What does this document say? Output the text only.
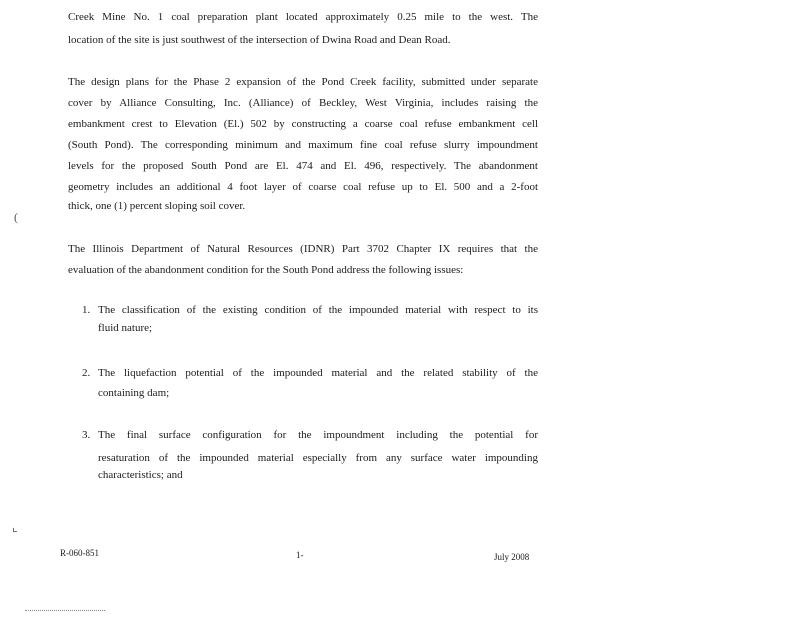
Creek Mine No. 1 coal preparation plant located approximately 0.25 mile to the west. The
location of the site is just southwest of the intersection of Dwina Road and Dean Road.
The design plans for the Phase 2 expansion of the Pond Creek facility, submitted under separate
cover by Alliance Consulting, Inc. (Alliance) of Beckley, West Virginia, includes raising the
embankment crest to Elevation (El.) 502 by constructing a coarse coal refuse embankment cell
(South Pond). The corresponding minimum and maximum fine coal refuse slurry impoundment
levels for the proposed South Pond are El. 474 and El. 496, respectively. The abandonment
geometry includes an additional 4 foot layer of coarse coal refuse up to El. 500 and a 2-foot
thick, one (1) percent sloping soil cover.
(
The Illinois Department of Natural Resources (IDNR) Part 3702 Chapter IX requires that the
evaluation of the abandonment condition for the South Pond address the following issues:
1. The classification of the existing condition of the impounded material with respect to its
fluid nature;
2. The liquefaction potential of the impounded material and the related stability of the
containing dam;
3. The final surface configuration for the impoundment including the potential for
resaturation of the impounded material especially from any surface water impounding
characteristics; and
⌞
R-060-851	1-	July 2008
